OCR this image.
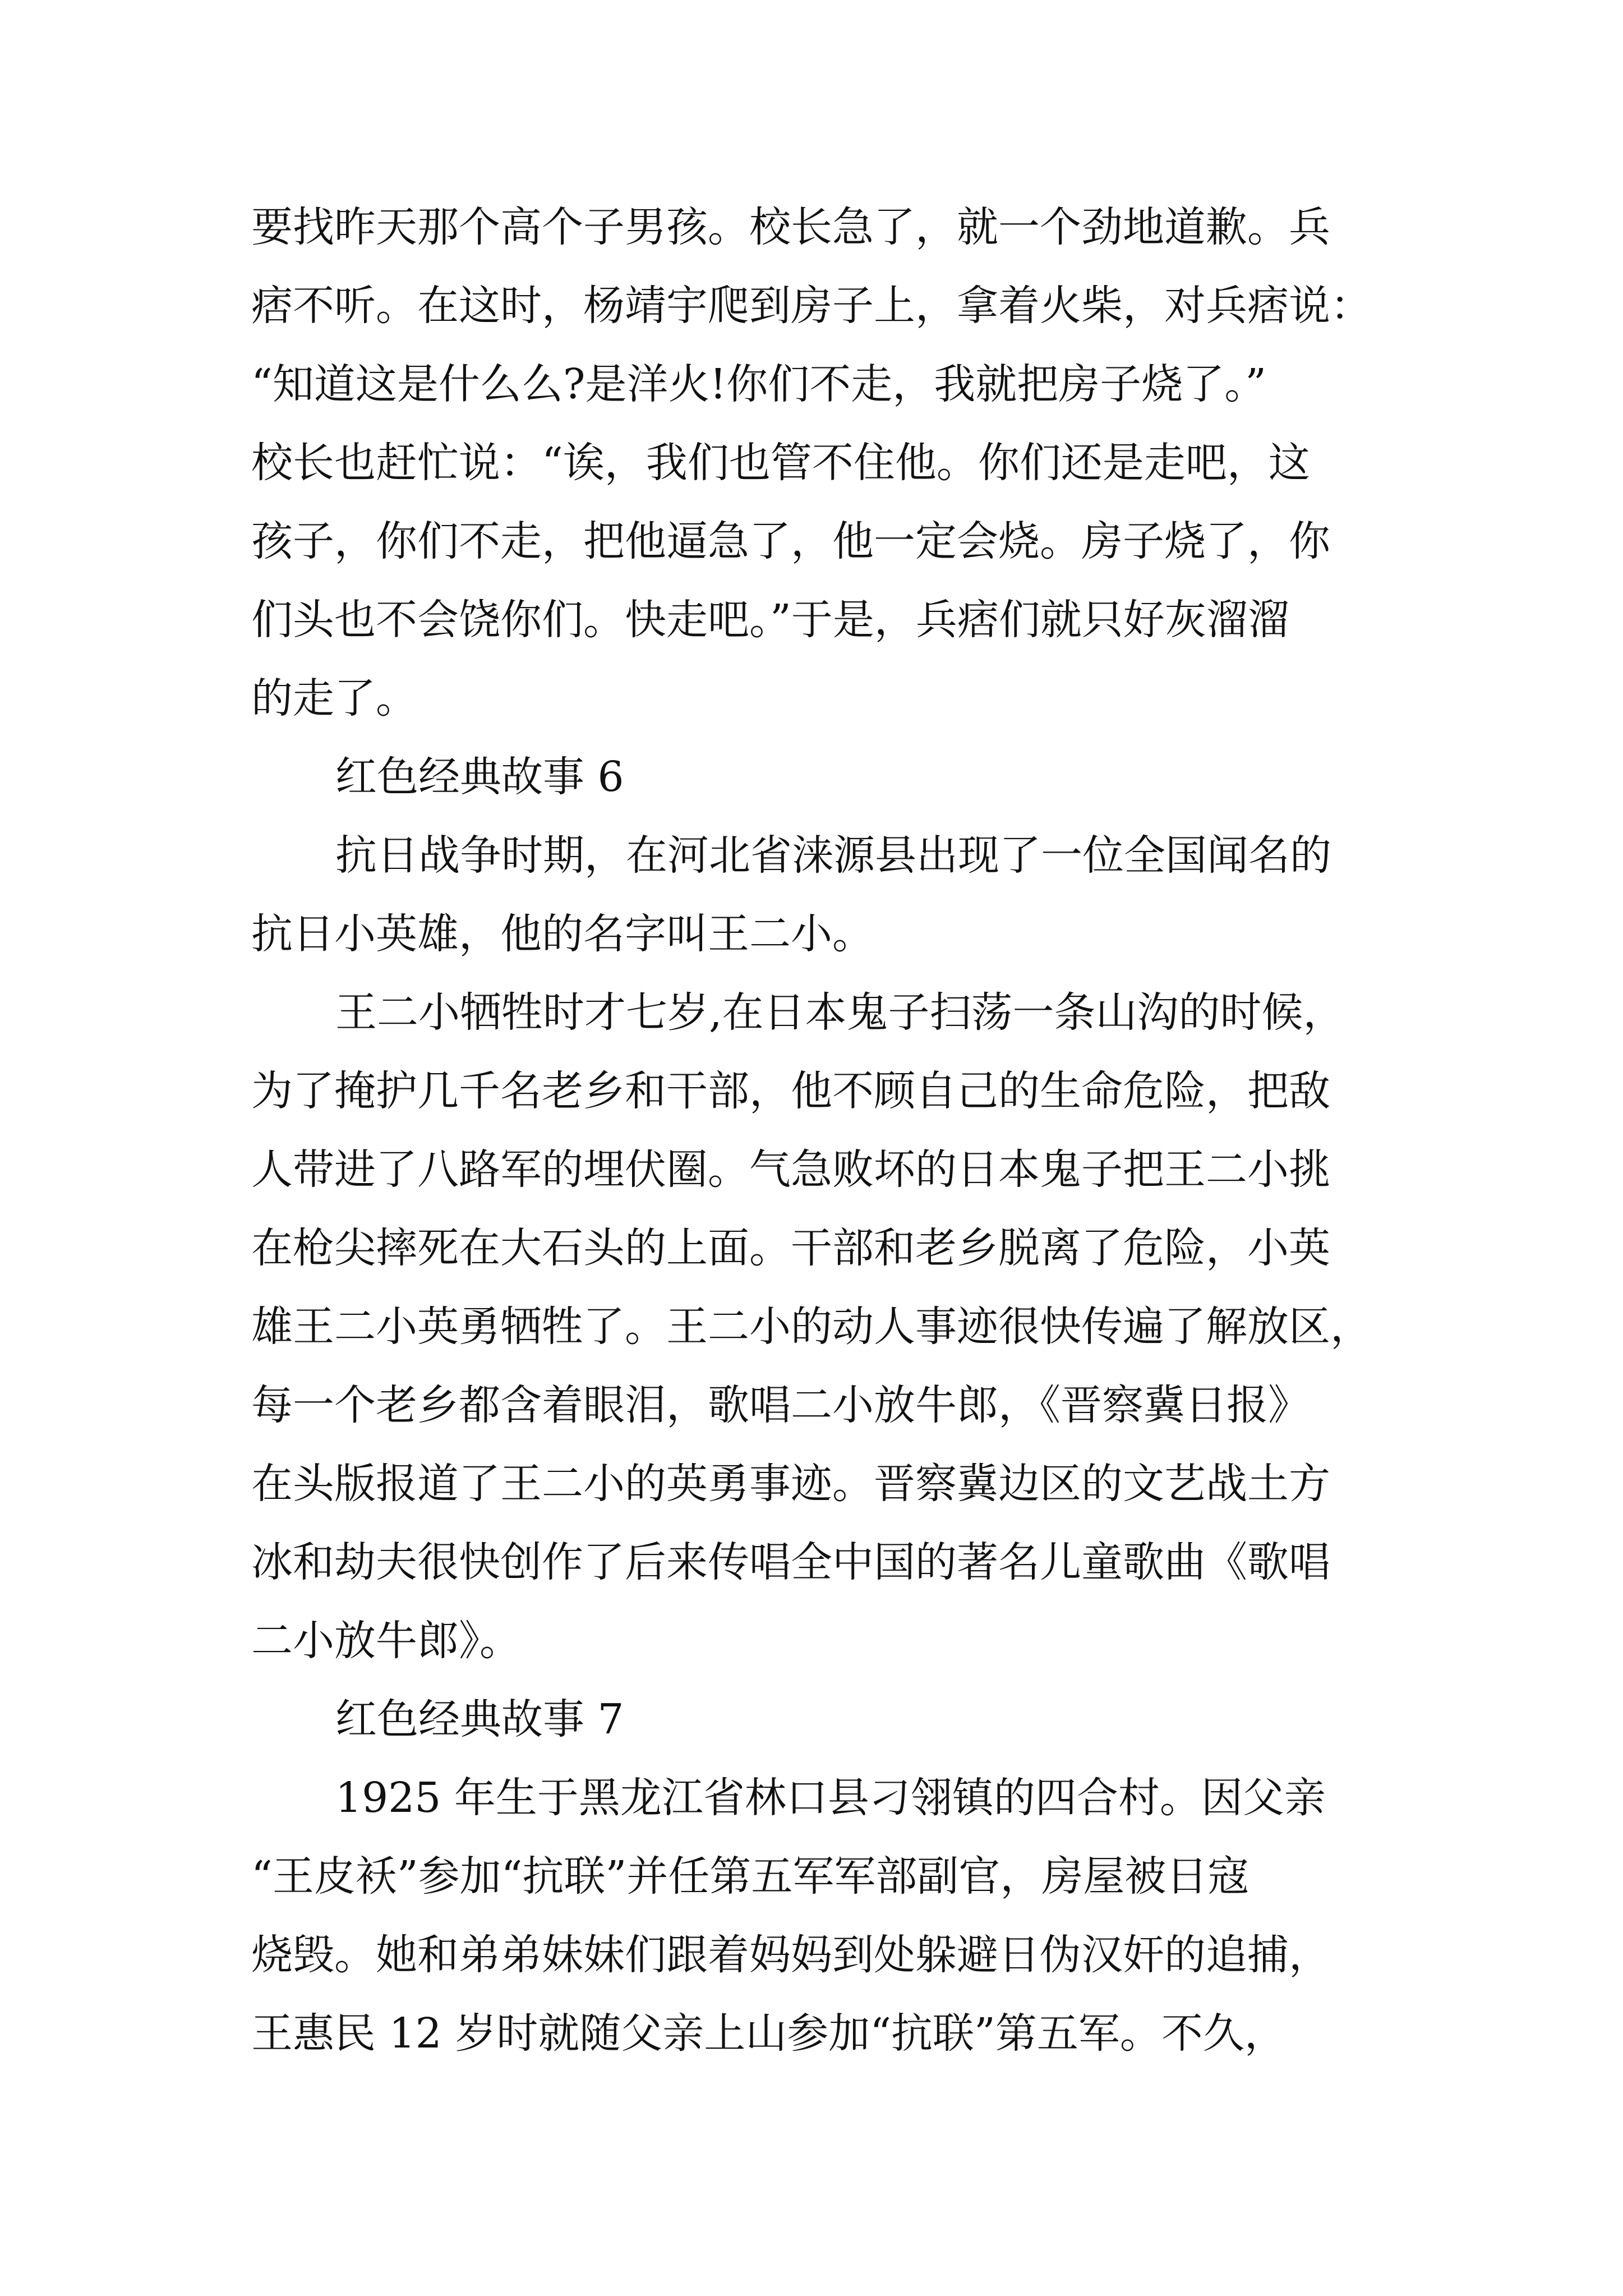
要找昨天那个高个子男孩。校长急了，就一个劲地道歉。兵
痞不听。在这时，杨靖宇爬到房子上，拿着火柴，对兵痞说：
“知道这是什么么?是洋火!你们不走，我就把房子烧了。”
校长也赶忙说：“诶，我们也管不住他。你们还是走吧，这
孩子，你们不走，把他逼急了，他一定会烧。房子烧了，你
们头也不会饶你们。快走吧。”于是，兵痞们就只好灰溜溜
的走了。
红色经典故事 6
抗日战争时期，在河北省涞源县出现了一位全国闻名的
抗日小英雄，他的名字叫王二小。
王二小牺牲时才七岁,在日本鬼子扫荡一条山沟的时候，
为了掩护几千名老乡和干部，他不顾自己的生命危险，把敌
人带进了八路军的埋伏圈。气急败坏的日本鬼子把王二小挑
在枪尖摔死在大石头的上面。干部和老乡脱离了危险，小英
雄王二小英勇牺牲了。王二小的动人事迹很快传遍了解放区，
每一个老乡都含着眼泪，歌唱二小放牛郎，《晋察冀日报》
在头版报道了王二小的英勇事迹。晋察冀边区的文艺战土方
冰和劫夫很快创作了后来传唱全中国的著名儿童歌曲《歌唱
二小放牛郎》。
红色经典故事 7
1925 年生于黑龙江省林口县刁翎镇的四合村。因父亲
“王皮袄”参加“抗联”并任第五军军部副官，房屋被日寇
烧毁。她和弟弟妹妹们跟着妈妈到处躲避日伪汉奸的追捕，
王惠民 12 岁时就随父亲上山参加“抗联”第五军。不久，
